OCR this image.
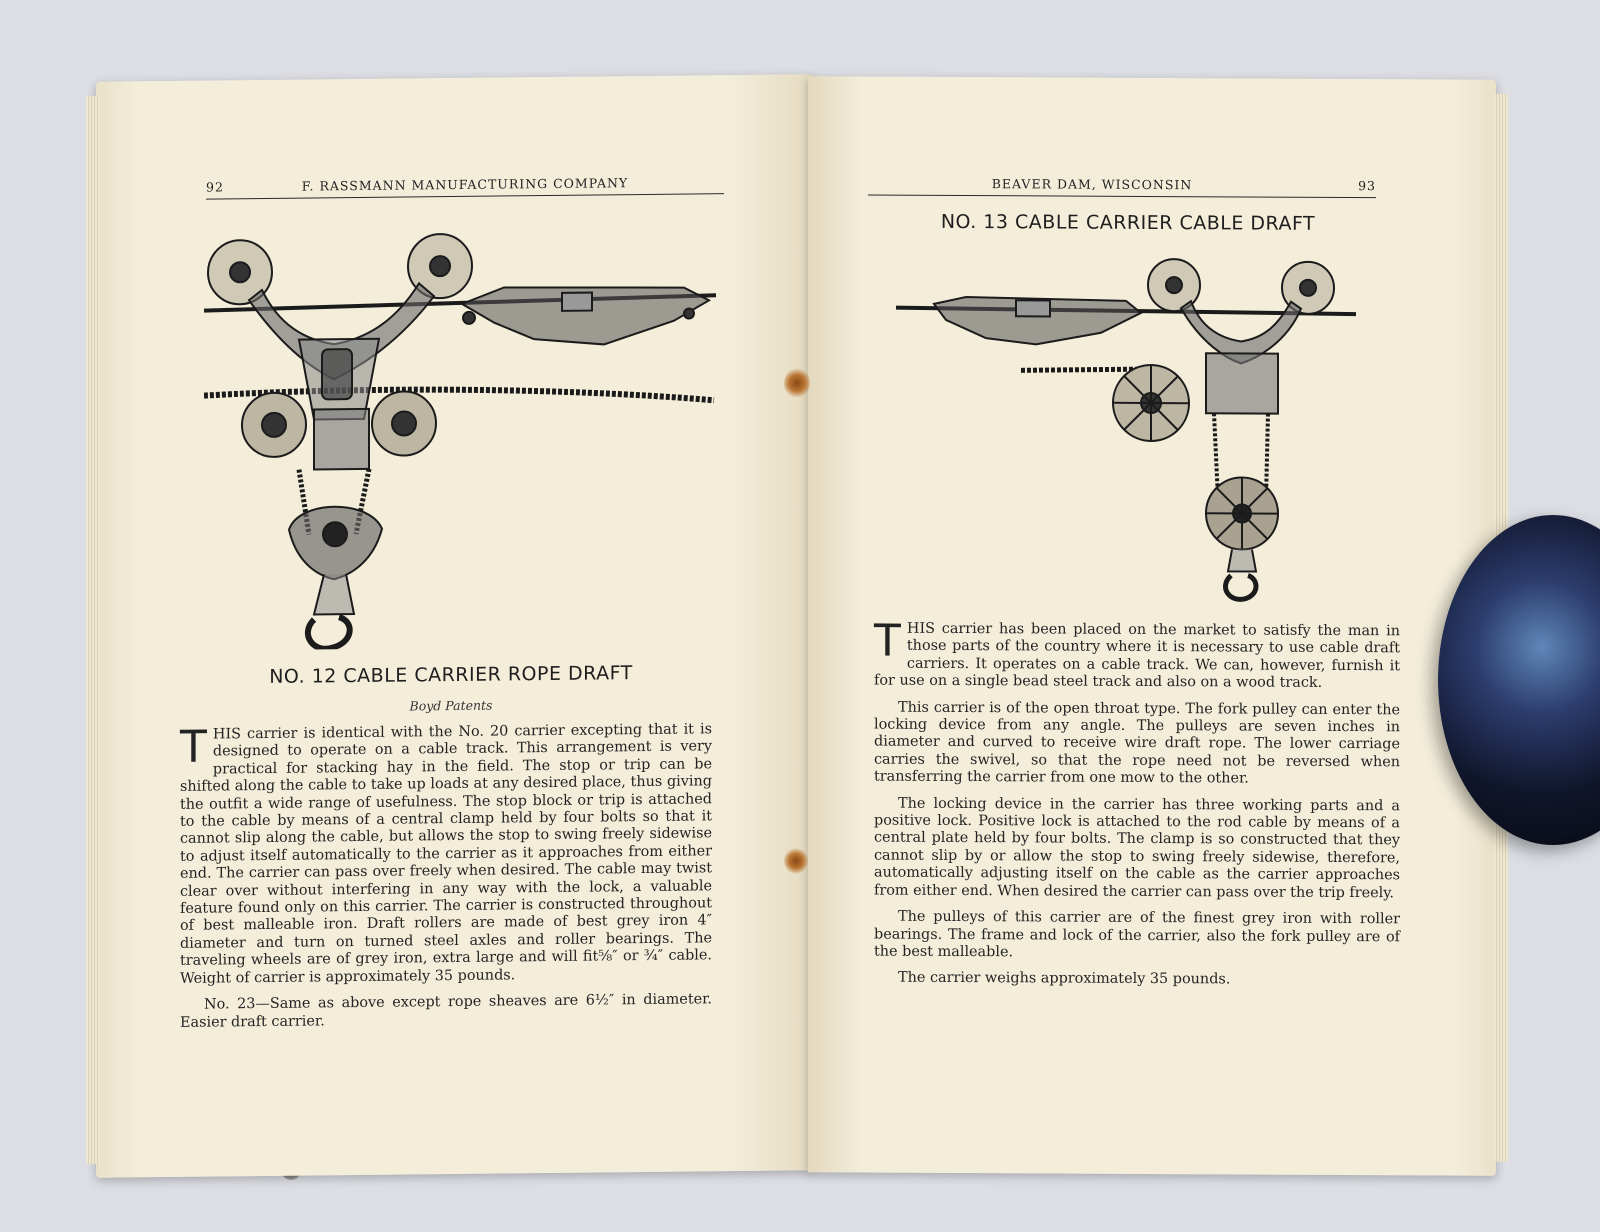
92	F. RASSMANN MANUFACTURING COMPANY
NO. 12 CABLE CARRIER ROPE DRAFT
Boyd Patents

THIS carrier is identical with the No. 20 carrier excepting that it is designed to operate on a cable track. This arrangement is very practical for stacking hay in the field. The stop or trip can be shifted along the cable to take up loads at any desired place, thus giving the outfit a wide range of usefulness. The stop block or trip is attached to the cable by means of a central clamp held by four bolts so that it cannot slip along the cable, but allows the stop to swing freely sidewise to adjust itself automatically to the carrier as it approaches from either end. The carrier can pass over freely when desired. The cable may twist clear over without interfering in any way with the lock, a valuable feature found only on this carrier. The carrier is constructed throughout of best malleable iron. Draft rollers are made of best grey iron 4″ diameter and turn on turned steel axles and roller bearings. The traveling wheels are of grey iron, extra large and will fit⅝″ or ¾″ cable. Weight of carrier is approximately 35 pounds.

No. 23—Same as above except rope sheaves are 6½″ in diameter. Easier draft carrier.

BEAVER DAM, WISCONSIN	93
NO. 13 CABLE CARRIER CABLE DRAFT

THIS carrier has been placed on the market to satisfy the man in those parts of the country where it is necessary to use cable draft carriers. It operates on a cable track. We can, however, furnish it for use on a single bead steel track and also on a wood track.

This carrier is of the open throat type. The fork pulley can enter the locking device from any angle. The pulleys are seven inches in diameter and curved to receive wire draft rope. The lower carriage carries the swivel, so that the rope need not be reversed when transferring the carrier from one mow to the other.

The locking device in the carrier has three working parts and a positive lock. Positive lock is attached to the rod cable by means of a central plate held by four bolts. The clamp is so constructed that they cannot slip by or allow the stop to swing freely sidewise, therefore, automatically adjusting itself on the cable as the carrier approaches from either end. When desired the carrier can pass over the trip freely.

The pulleys of this carrier are of the finest grey iron with roller bearings. The frame and lock of the carrier, also the fork pulley are of the best malleable.

The carrier weighs approximately 35 pounds.
